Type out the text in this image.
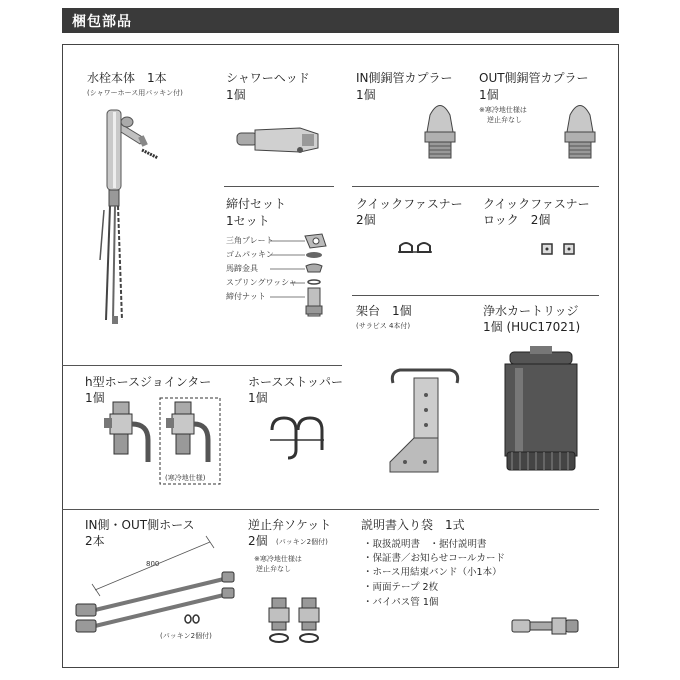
梱包部品
水栓本体　1本
(シャワーホース用パッキン付)
シャワーヘッド
1個
IN側銅管カプラー
1個
OUT側銅管カプラー
1個
※寒冷地仕様は
逆止弁なし
締付セット
1セット
三角プレート
ゴムパッキン
馬蹄金具
スプリングワッシャ
締付ナット
クイックファスナー
2個
クイックファスナー
ロック　2個
架台　1個
(サラビス 4本付)
浄水カートリッジ
1個 (HUC17021)
h型ホースジョインター
1個
(寒冷地仕様)
ホースストッパー
1個
IN側・OUT側ホース
2本
800
(パッキン2個付)
逆止弁ソケット
2個 (パッキン2個付)
※寒冷地仕様は
逆止弁なし
説明書入り袋　1式
・取扱説明書　・据付説明書
・保証書／お知らせコールカード
・ホース用結束バンド（小1本）
・両面テープ 2枚
・バイパス管 1個
